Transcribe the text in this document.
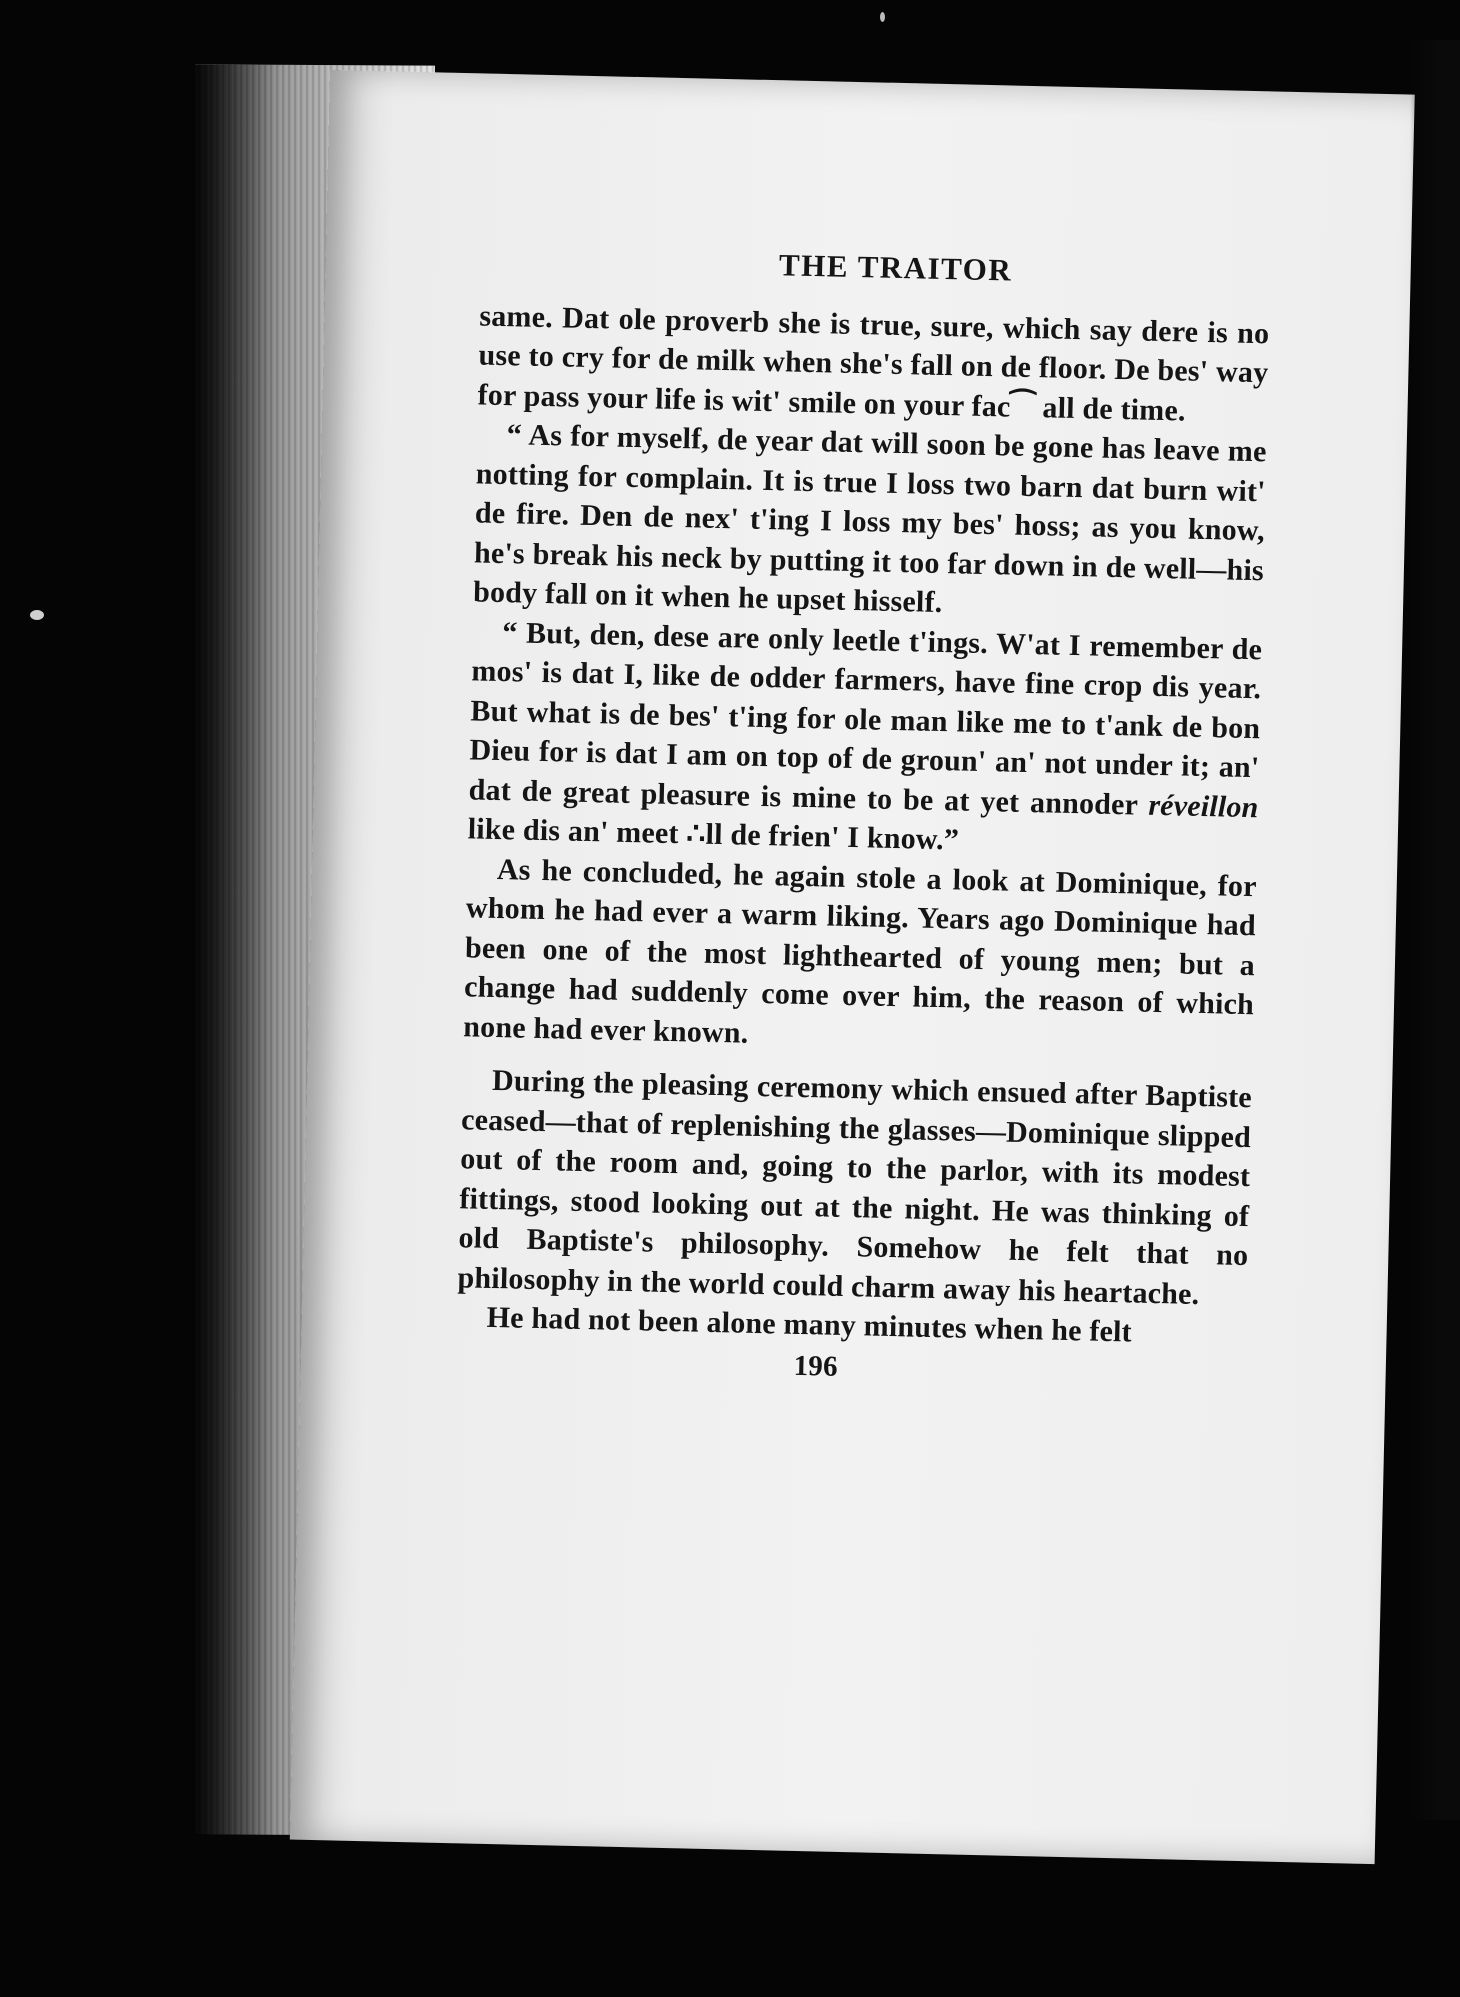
THE TRAITOR

same. Dat ole proverb she is true, sure, which say dere is no use to cry for de milk when she's fall on de floor. De bes' way for pass your life is wit' smile on your fac⁀ all de time.

“ As for myself, de year dat will soon be gone has leave me notting for complain. It is true I loss two barn dat burn wit' de fire. Den de nex' t'ing I loss my bes' hoss; as you know, he's break his neck by putting it too far down in de well—his body fall on it when he upset hisself.

“ But, den, dese are only leetle t'ings. W'at I remember de mos' is dat I, like de odder farmers, have fine crop dis year. But what is de bes' t'ing for ole man like me to t'ank de bon Dieu for is dat I am on top of de groun' an' not under it; an' dat de great pleasure is mine to be at yet annoder réveillon like dis an' meet ∴ll de frien' I know.”

As he concluded, he again stole a look at Dominique, for whom he had ever a warm liking. Years ago Dominique had been one of the most lighthearted of young men; but a change had suddenly come over him, the reason of which none had ever known.

During the pleasing ceremony which ensued after Baptiste ceased—that of replenishing the glasses—Dominique slipped out of the room and, going to the parlor, with its modest fittings, stood looking out at the night. He was thinking of old Baptiste's philosophy. Somehow he felt that no philosophy in the world could charm away his heartache.

He had not been alone many minutes when he felt

196
